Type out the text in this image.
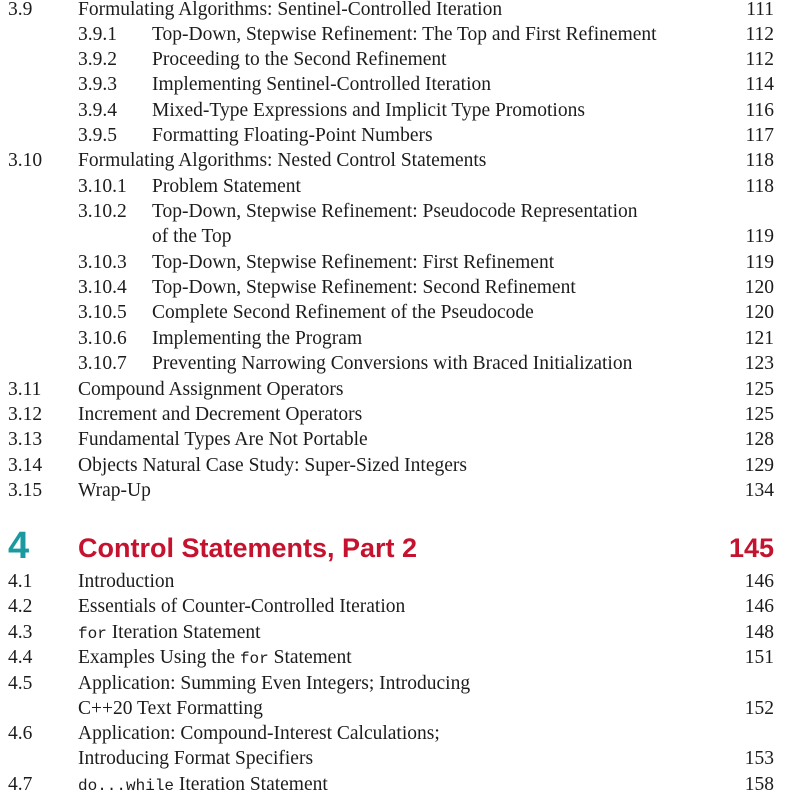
3.9 Formulating Algorithms: Sentinel-Controlled Iteration	111
3.9.1 Top-Down, Stepwise Refinement: The Top and First Refinement	112
3.9.2 Proceeding to the Second Refinement	112
3.9.3 Implementing Sentinel-Controlled Iteration	114
3.9.4 Mixed-Type Expressions and Implicit Type Promotions	116
3.9.5 Formatting Floating-Point Numbers	117
3.10 Formulating Algorithms: Nested Control Statements	118
3.10.1 Problem Statement	118
3.10.2 Top-Down, Stepwise Refinement: Pseudocode Representation
of the Top	119
3.10.3 Top-Down, Stepwise Refinement: First Refinement	119
3.10.4 Top-Down, Stepwise Refinement: Second Refinement	120
3.10.5 Complete Second Refinement of the Pseudocode	120
3.10.6 Implementing the Program	121
3.10.7 Preventing Narrowing Conversions with Braced Initialization	123
3.11 Compound Assignment Operators	125
3.12 Increment and Decrement Operators	125
3.13 Fundamental Types Are Not Portable	128
3.14 Objects Natural Case Study: Super-Sized Integers	129
3.15 Wrap-Up	134
4 Control Statements, Part 2	145
4.1 Introduction	146
4.2 Essentials of Counter-Controlled Iteration	146
4.3	for Iteration Statement	148
4.4 Examples Using the for Statement	151
4.5 Application: Summing Even Integers; Introducing
C++20 Text Formatting	152
4.6 Application: Compound-Interest Calculations;
Introducing Format Specifiers	153
4.7	do...while Iteration Statement	158
